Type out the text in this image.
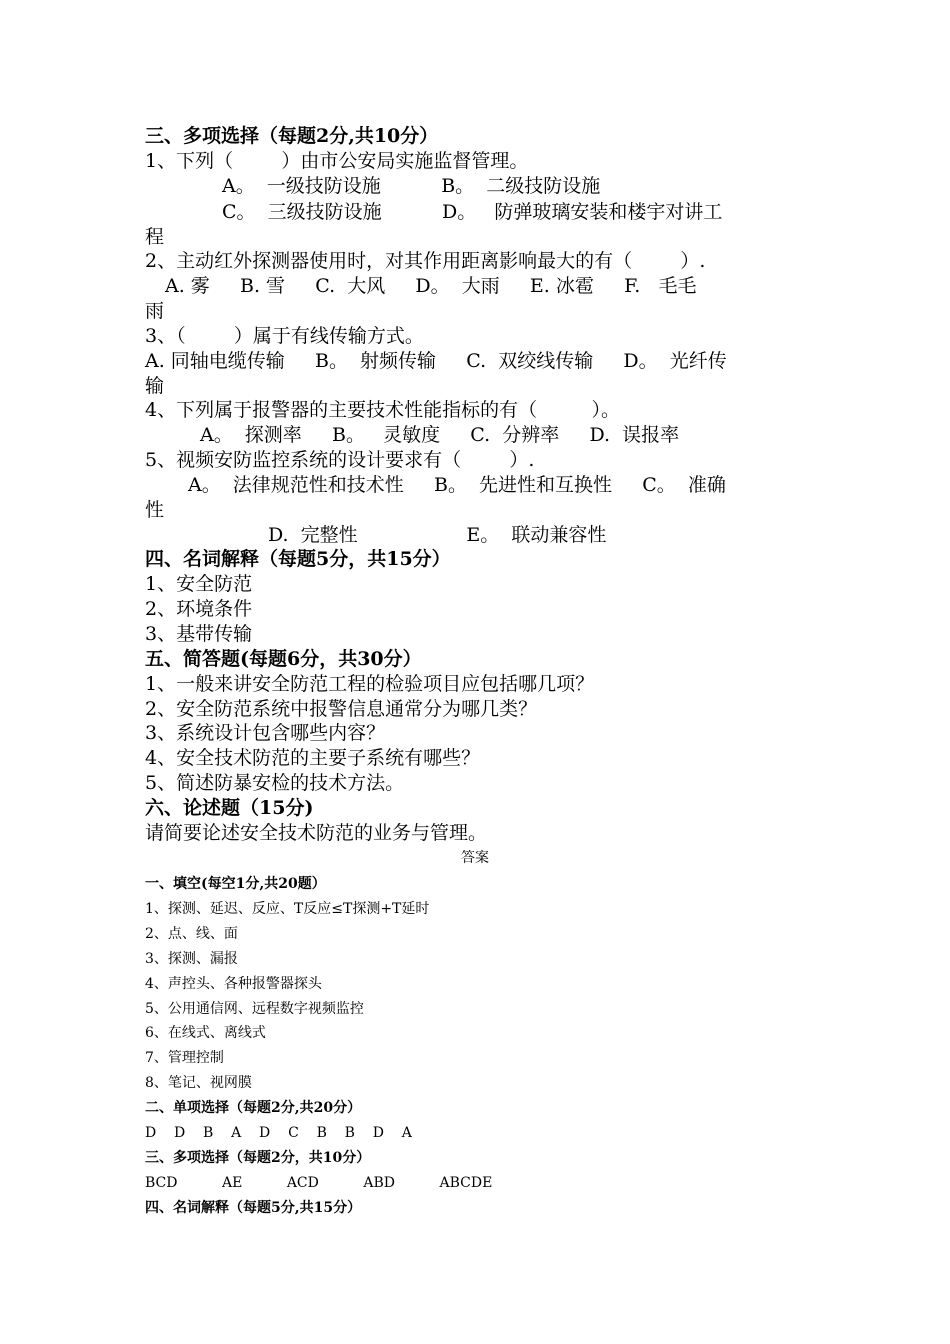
三、多项选择（每题2分,共10分）
1、下列（        ）由市公安局实施监督管理。
A。  一级技防设施          B。  二级技防设施
C。  三级技防设施          D。   防弹玻璃安装和楼宇对讲工
程
2、主动红外探测器使用时，对其作用距离影响最大的有（        ）.
A. 雾     B. 雪     C.  大风     D。  大雨     E. 冰雹     F.   毛毛
雨
3、（        ）属于有线传输方式。
A. 同轴电缆传输     B。  射频传输     C.  双绞线传输     D。  光纤传
输
4、下列属于报警器的主要技术性能指标的有（         ）。
A。  探测率     B。   灵敏度     C.  分辨率     D.  误报率
5、视频安防监控系统的设计要求有（        ）.
A。  法律规范性和技术性     B。  先进性和互换性     C。  准确
性
D.  完整性                  E。  联动兼容性
四、名词解释（每题5分，共15分）
1、安全防范
2、环境条件
3、基带传输
五、简答题(每题6分，共30分）
1、一般来讲安全防范工程的检验项目应包括哪几项？
2、安全防范系统中报警信息通常分为哪几类？
3、系统设计包含哪些内容？
4、安全技术防范的主要子系统有哪些？
5、简述防暴安检的技术方法。
六、论述题（15分)
请简要论述安全技术防范的业务与管理。
答案
一、填空(每空1分,共20题）
1、探测、延迟、反应、T反应≤T探测+T延时
2、点、线、面
3、探测、漏报
4、声控头、各种报警器探头
5、公用通信网、远程数字视频监控
6、在线式、离线式
7、管理控制
8、笔记、视网膜
二、单项选择（每题2分,共20分）
D    D    B    A    D    C    B    B    D    A
三、多项选择（每题2分，共10分）
BCD          AE          ACD          ABD          ABCDE
四、名词解释（每题5分,共15分）
